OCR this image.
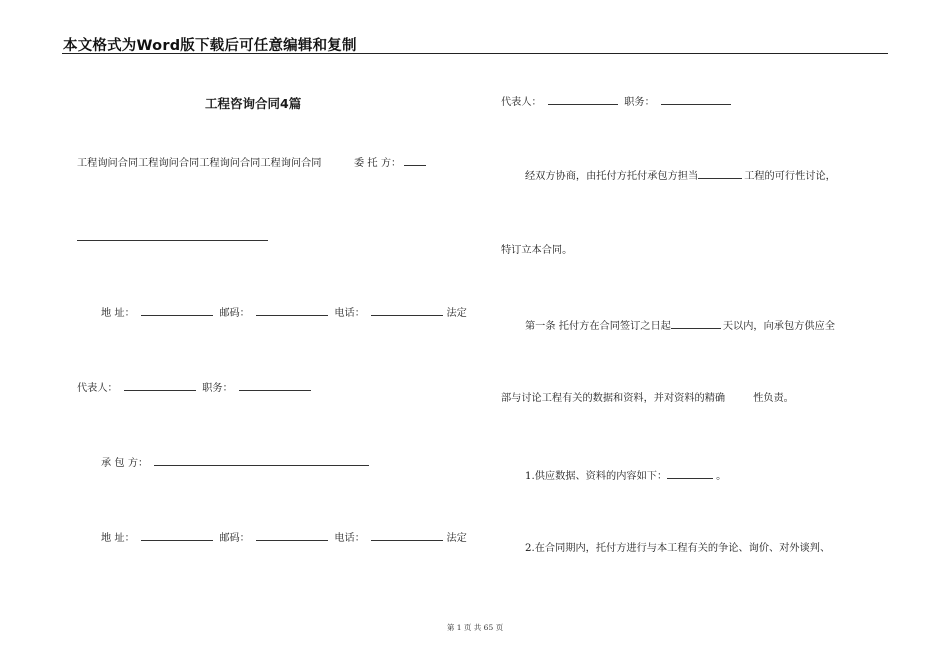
本文格式为Word版下载后可任意编辑和复制
工程咨询合同4篇
工程询问合同工程询问合同工程询问合同工程询问合同	委 托 方：
地 址：	邮码：	电话：	法定
代表人：	职务：
承 包 方：
地 址：	邮码：	电话：	法定
代表人：	职务：
经双方协商，由托付方托付承包方担当	工程的可行性讨论，
特订立本合同。
第一条 托付方在合同签订之日起	天以内，向承包方供应全
部与讨论工程有关的数据和资料，并对资料的精确	性负责。
1.供应数据、资料的内容如下：	。
2.在合同期内，托付方进行与本工程有关的争论、询价、对外谈判、
第 1 页 共 65 页
